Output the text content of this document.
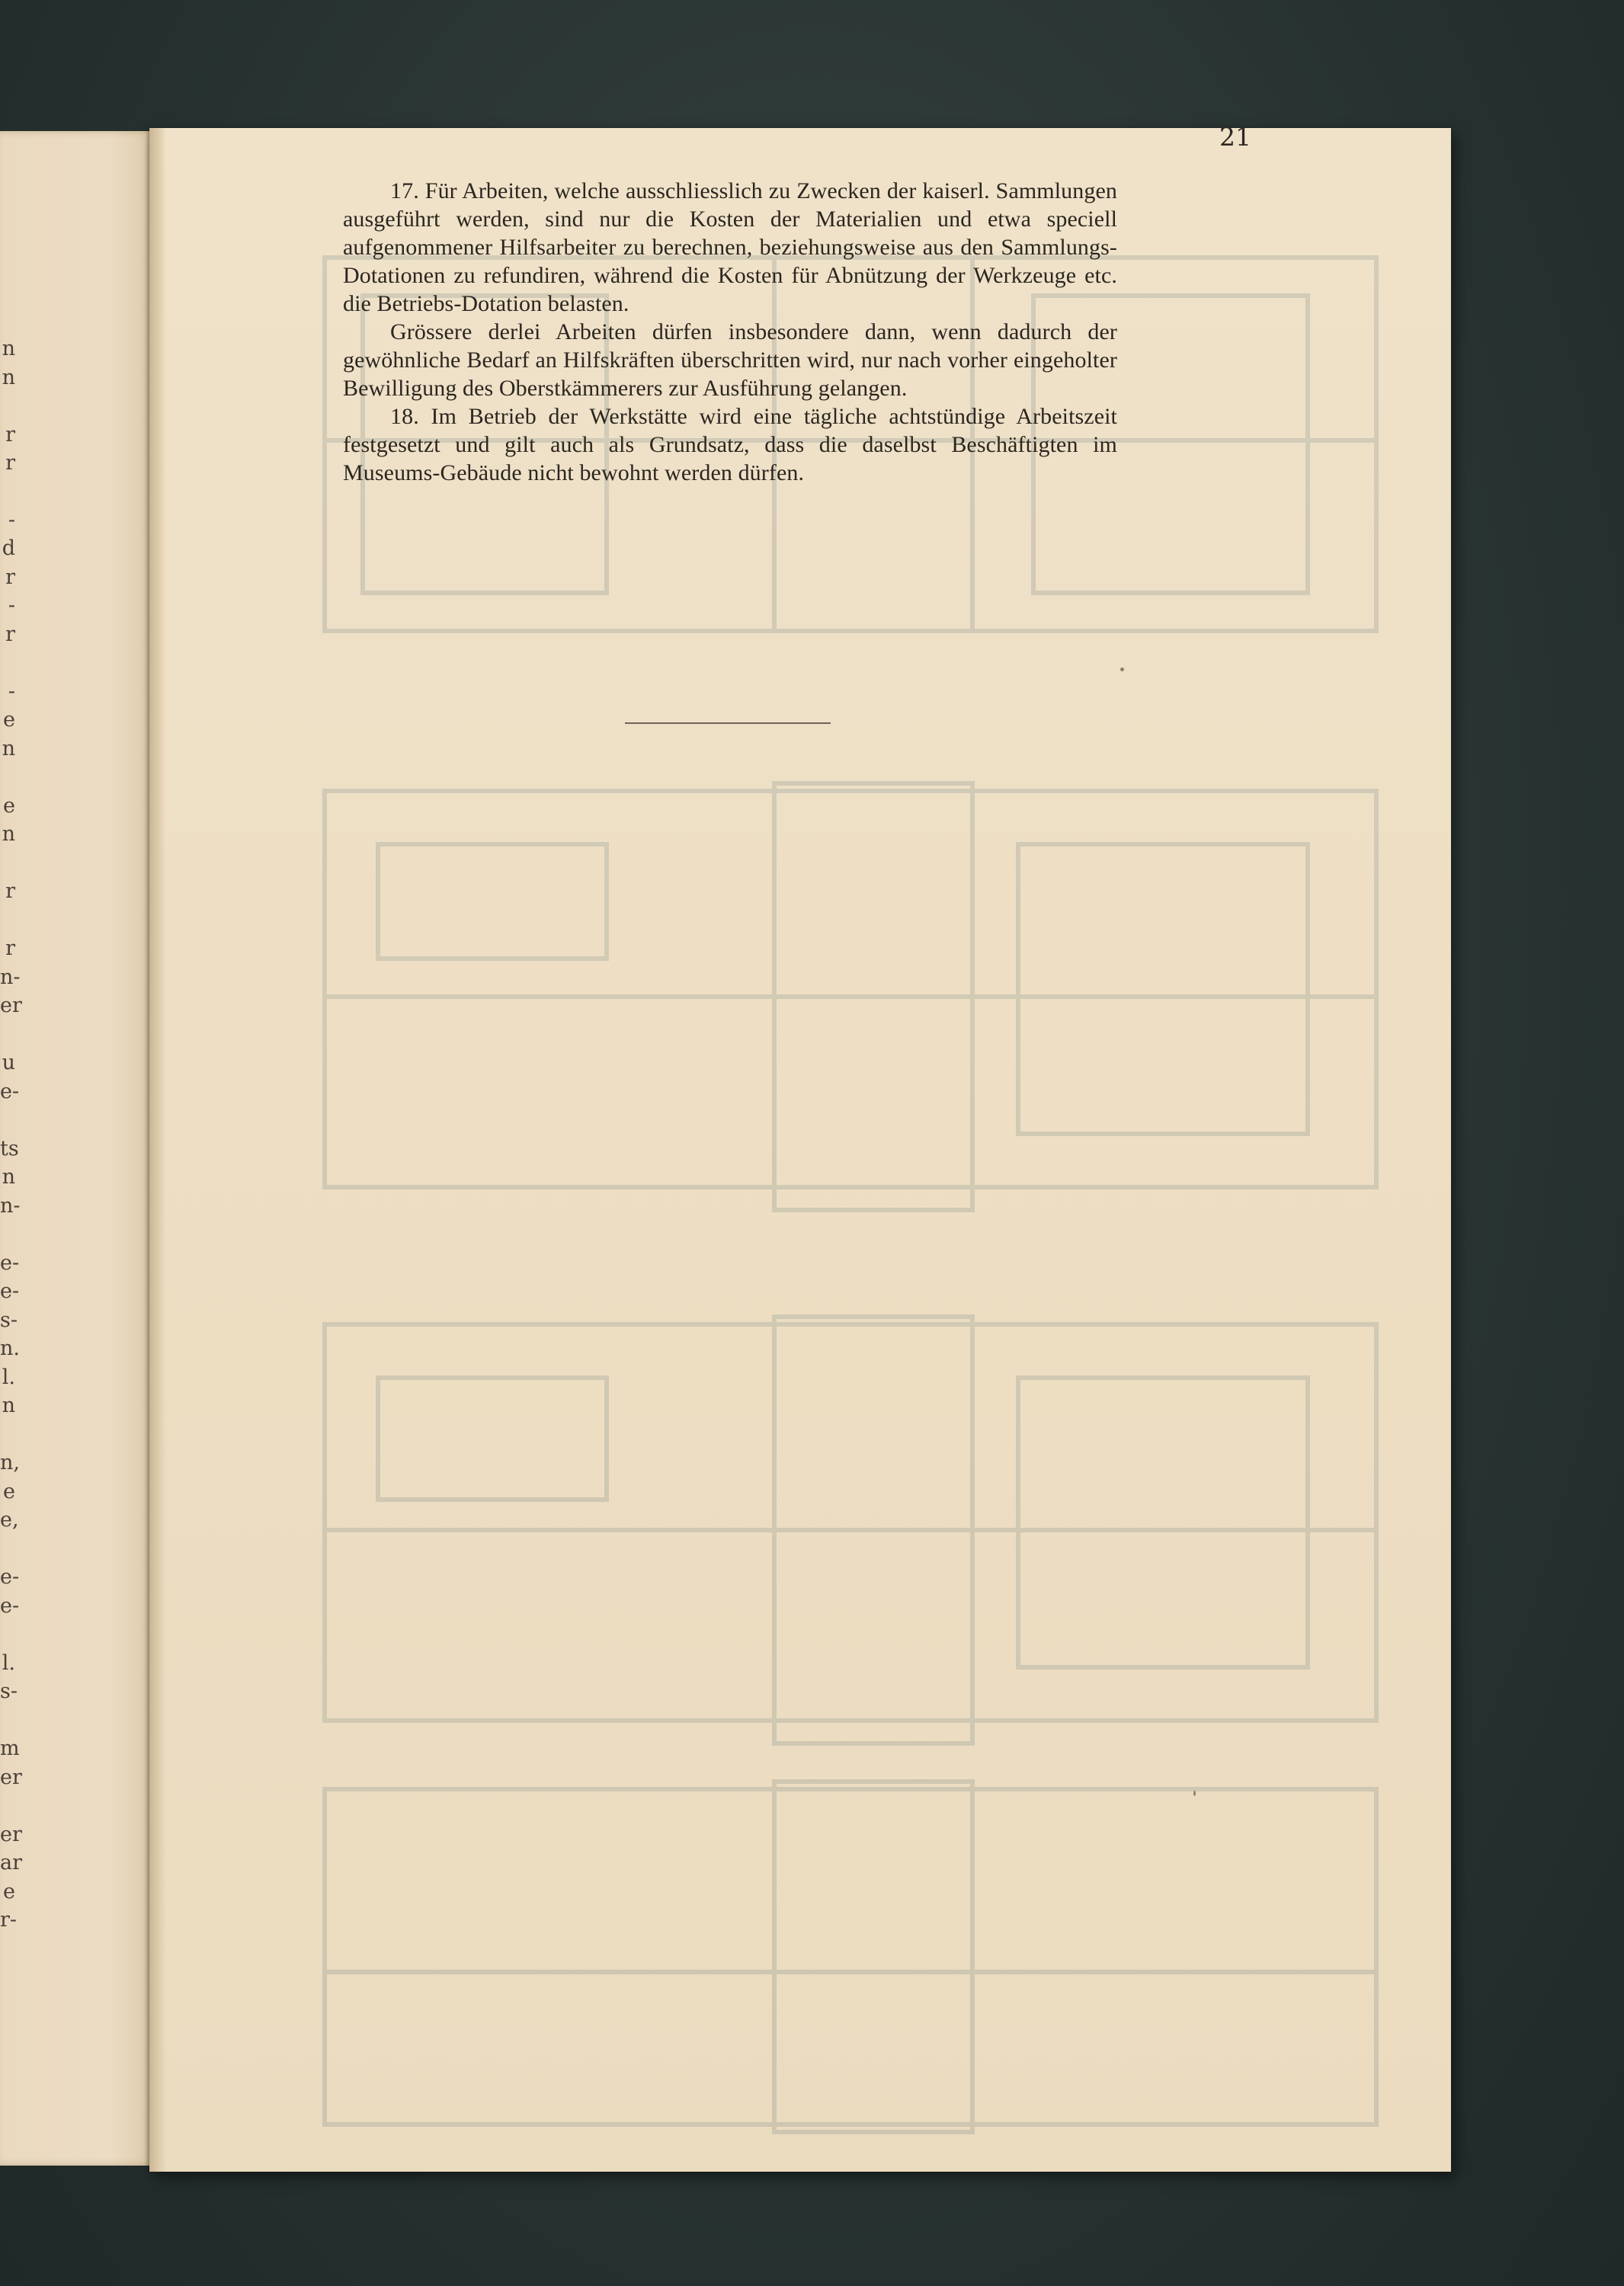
n
n
r
r
-
d
r
-
r
-
e
n
e
n
r
r
n-
er
u
e-
ts
n
n-
e-
e-
s-
n.
l.
n
n,
e
e,
e-
e-
l.
s-
m
er
er
ar
e
r-
21

17. Für Arbeiten, welche ausschliesslich zu Zwecken der kaiserl. Sammlungen ausgeführt werden, sind nur die Kosten der Materialien und etwa speciell aufgenommener Hilfsarbeiter zu berechnen, beziehungsweise aus den Sammlungs-Dotationen zu refundiren, während die Kosten für Abnützung der Werkzeuge etc. die Betriebs-Dotation belasten.

Grössere derlei Arbeiten dürfen insbesondere dann, wenn dadurch der gewöhnliche Bedarf an Hilfskräften überschritten wird, nur nach vorher eingeholter Bewilligung des Oberstkämmerers zur Ausführung gelangen.

18. Im Betrieb der Werkstätte wird eine tägliche achtstündige Arbeitszeit festgesetzt und gilt auch als Grundsatz, dass die daselbst Beschäftigten im Museums-Gebäude nicht bewohnt werden dürfen.
